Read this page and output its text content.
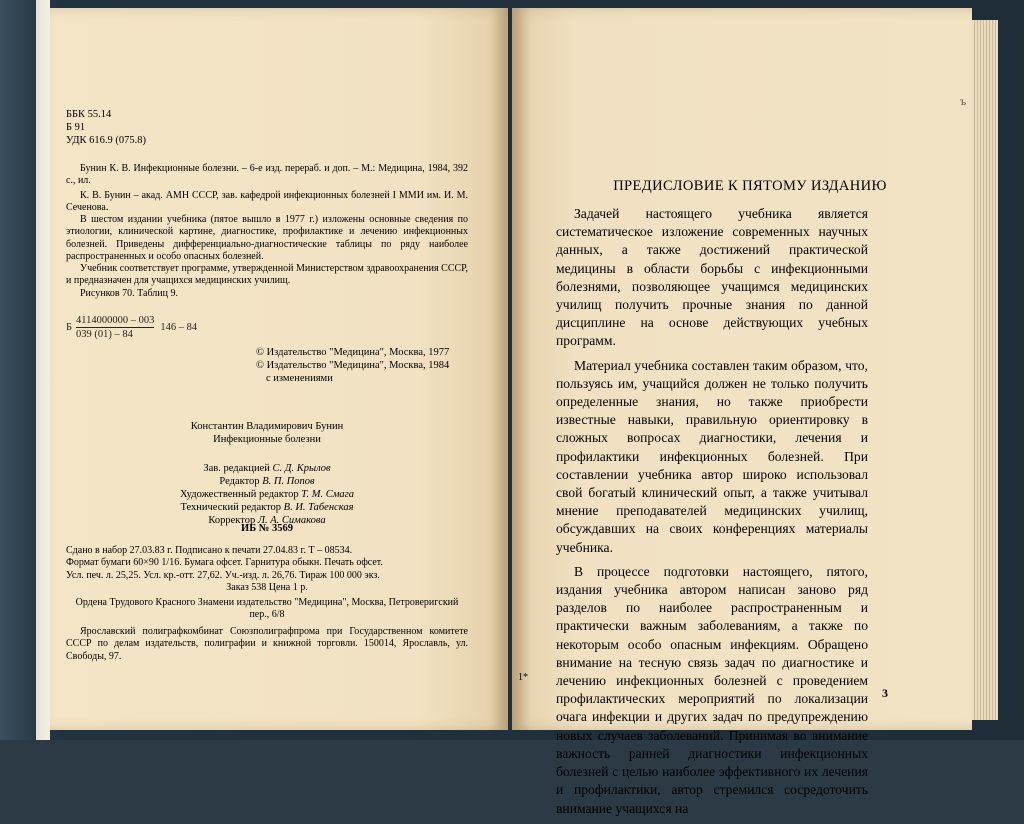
ББК 55.14
Б 91
УДК 616.9 (075.8)
Бунин К. В. Инфекционные болезни. – 6-е изд. перераб. и доп. – М.: Медицина, 1984, 392 с., ил.
К. В. Бунин – акад. АМН СССР, зав. кафедрой инфекционных болезней I ММИ им. И. М. Сеченова.
В шестом издании учебника (пятое вышло в 1977 г.) изложены основные сведения по этиологии, клинической картине, диагностике, профилактике и лечению инфекционных болезней. Приведены дифференциально-диагностические таблицы по ряду наиболее распространенных и особо опасных болезней.
Учебник соответствует программе, утвержденной Министерством здравоохранения СССР, и предназначен для учащихся медицинских училищ.
Рисунков 70. Таблиц 9.
Б	4114000000 – 003	146 – 84
039 (01) – 84
© Издательство "Медицина", Москва, 1977
© Издательство "Медицина", Москва, 1984
с изменениями
Константин Владимирович Бунин
Инфекционные болезни
Зав. редакцией С. Д. Крылов
Редактор В. П. Попов
Художественный редактор Т. М. Смага
Технический редактор В. И. Табенская
Корректор Л. А. Симакова
ИБ № 3569
Сдано в набор 27.03.83 г. Подписано к печати 27.04.83 г. Т – 08534.
Формат бумаги 60×90 1/16. Бумага офсет. Гарнитура обыкн. Печать офсет.
Усл. печ. л. 25,25. Усл. кр.-отт. 27,62. Уч.-изд. л. 26,76. Тираж 100 000 экз.
Заказ 538 Цена 1 р.
Ордена Трудового Красного Знамени издательство "Медицина", Москва, Петроверигский пер., 6/8
Ярославский полиграфкомбинат Союзполиграфпрома при Государственном комитете СССР по делам издательств, полиграфии и книжной торговли. 150014, Ярославль, ул. Свободы, 97.
ПРЕДИСЛОВИЕ К ПЯТОМУ ИЗДАНИЮ
ъ

Задачей настоящего учебника является систематическое изложение современных научных данных, а также достижений практической медицины в области борьбы с инфекционными болезнями, позволяющее учащимся медицинских училищ получить прочные знания по данной дисциплине на основе действующих учебных программ.

Материал учебника составлен таким образом, что, пользуясь им, учащийся должен не только получить определенные знания, но также приобрести известные навыки, правильную ориентировку в сложных вопросах диагностики, лечения и профилактики инфекционных болезней. При составлении учебника автор широко использовал свой богатый клинический опыт, а также учитывал мнение преподавателей медицинских училищ, обсуждавших на своих конференциях материалы учебника.

В процессе подготовки настоящего, пятого, издания учебника автором написан заново ряд разделов по наиболее распространенным и практически важным заболеваниям, а также по некоторым особо опасным инфекциям. Обращено внимание на тесную связь задач по диагностике и лечению инфекционных болезней с проведением профилактических мероприятий по локализации очага инфекции и других задач по предупреждению новых случаев заболеваний. Принимая во внимание важность ранней диагностики инфекционных болезней с целью наиболее эффективного их лечения и профилактики, автор стремился сосредоточить внимание учащихся на

1*
3
